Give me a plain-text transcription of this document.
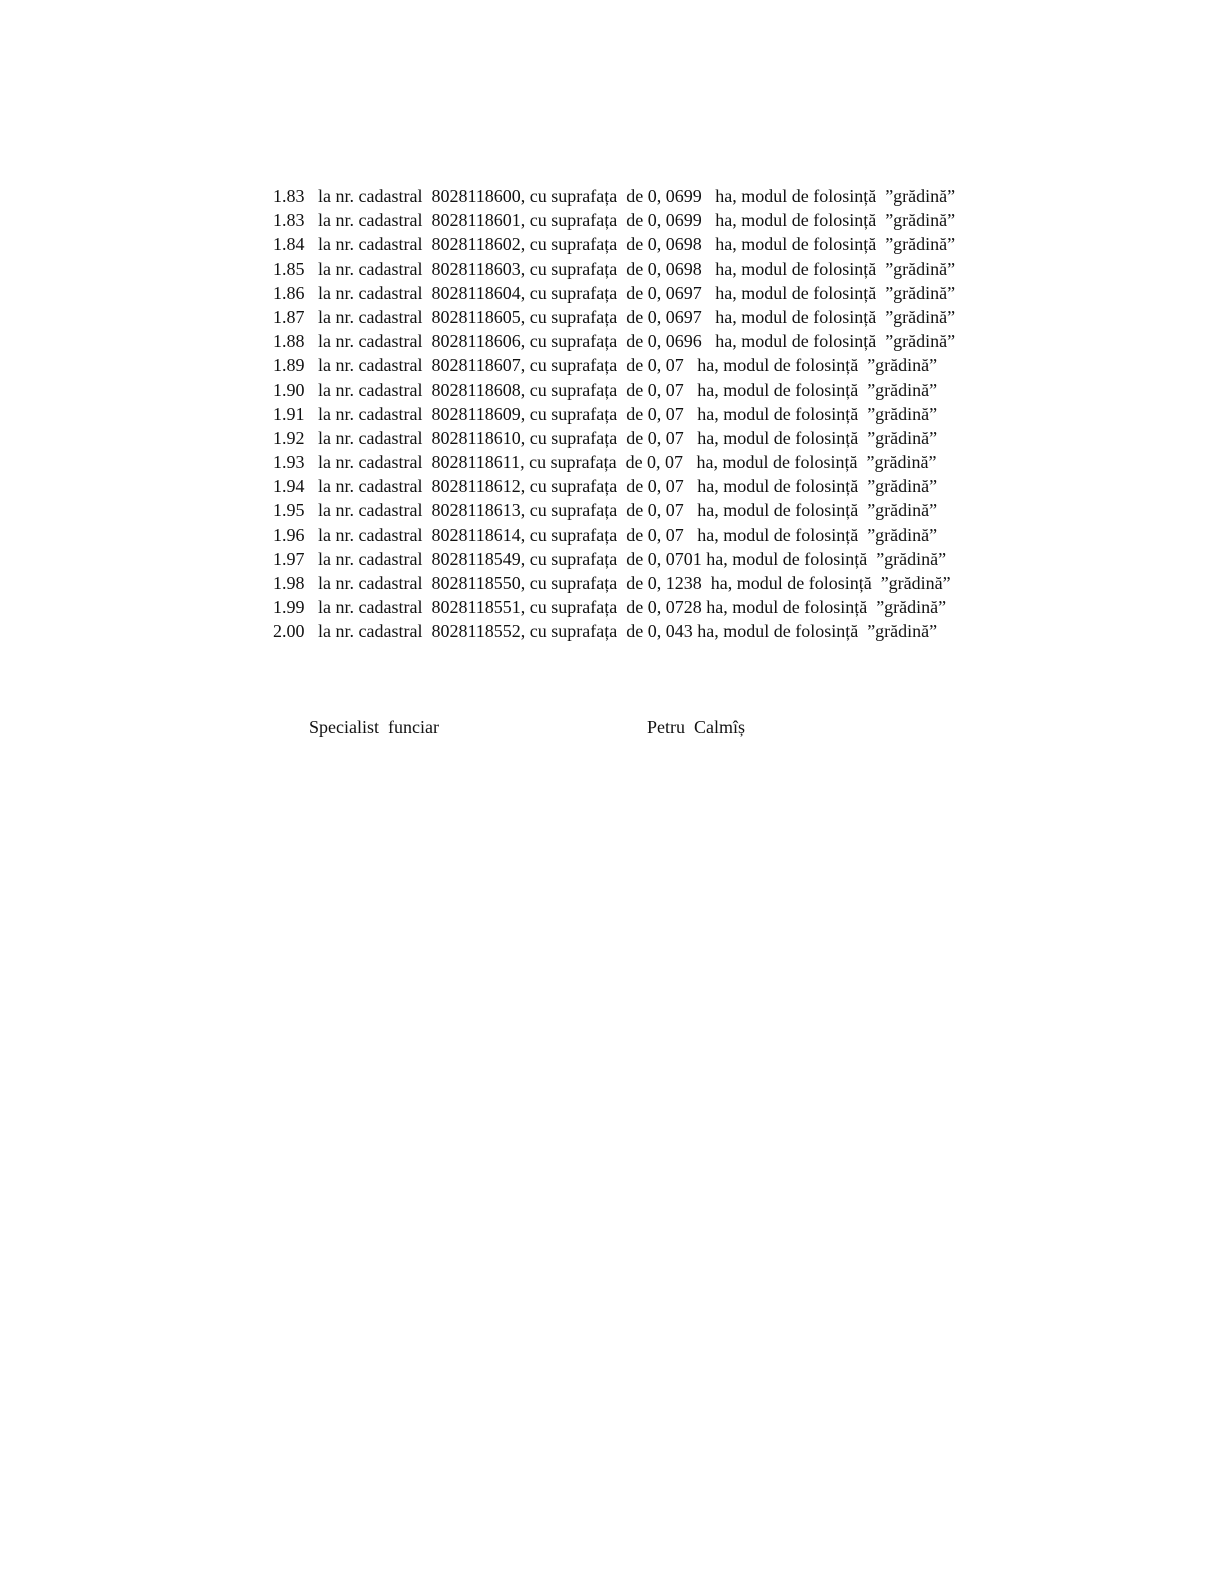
1.83 la nr. cadastral  8028118600, cu suprafața  de 0, 0699   ha, modul de folosință  ”grădină”
1.83 la nr. cadastral  8028118601, cu suprafața  de 0, 0699   ha, modul de folosință  ”grădină”
1.84 la nr. cadastral  8028118602, cu suprafața  de 0, 0698   ha, modul de folosință  ”grădină”
1.85 la nr. cadastral  8028118603, cu suprafața  de 0, 0698   ha, modul de folosință  ”grădină”
1.86 la nr. cadastral  8028118604, cu suprafața  de 0, 0697   ha, modul de folosință  ”grădină”
1.87 la nr. cadastral  8028118605, cu suprafața  de 0, 0697   ha, modul de folosință  ”grădină”
1.88 la nr. cadastral  8028118606, cu suprafața  de 0, 0696   ha, modul de folosință  ”grădină”
1.89 la nr. cadastral  8028118607, cu suprafața  de 0, 07   ha, modul de folosință  ”grădină”
1.90 la nr. cadastral  8028118608, cu suprafața  de 0, 07   ha, modul de folosință  ”grădină”
1.91 la nr. cadastral  8028118609, cu suprafața  de 0, 07   ha, modul de folosință  ”grădină”
1.92 la nr. cadastral  8028118610, cu suprafața  de 0, 07   ha, modul de folosință  ”grădină”
1.93 la nr. cadastral  8028118611, cu suprafața  de 0, 07   ha, modul de folosință  ”grădină”
1.94 la nr. cadastral  8028118612, cu suprafața  de 0, 07   ha, modul de folosință  ”grădină”
1.95 la nr. cadastral  8028118613, cu suprafața  de 0, 07   ha, modul de folosință  ”grădină”
1.96 la nr. cadastral  8028118614, cu suprafața  de 0, 07   ha, modul de folosință  ”grădină”
1.97 la nr. cadastral  8028118549, cu suprafața  de 0, 0701 ha, modul de folosință  ”grădină”
1.98 la nr. cadastral  8028118550, cu suprafața  de 0, 1238  ha, modul de folosință  ”grădină”
1.99 la nr. cadastral  8028118551, cu suprafața  de 0, 0728 ha, modul de folosință  ”grădină”
2.00 la nr. cadastral  8028118552, cu suprafața  de 0, 043 ha, modul de folosință  ”grădină”
Specialist  funciar	Petru  Calmîș
